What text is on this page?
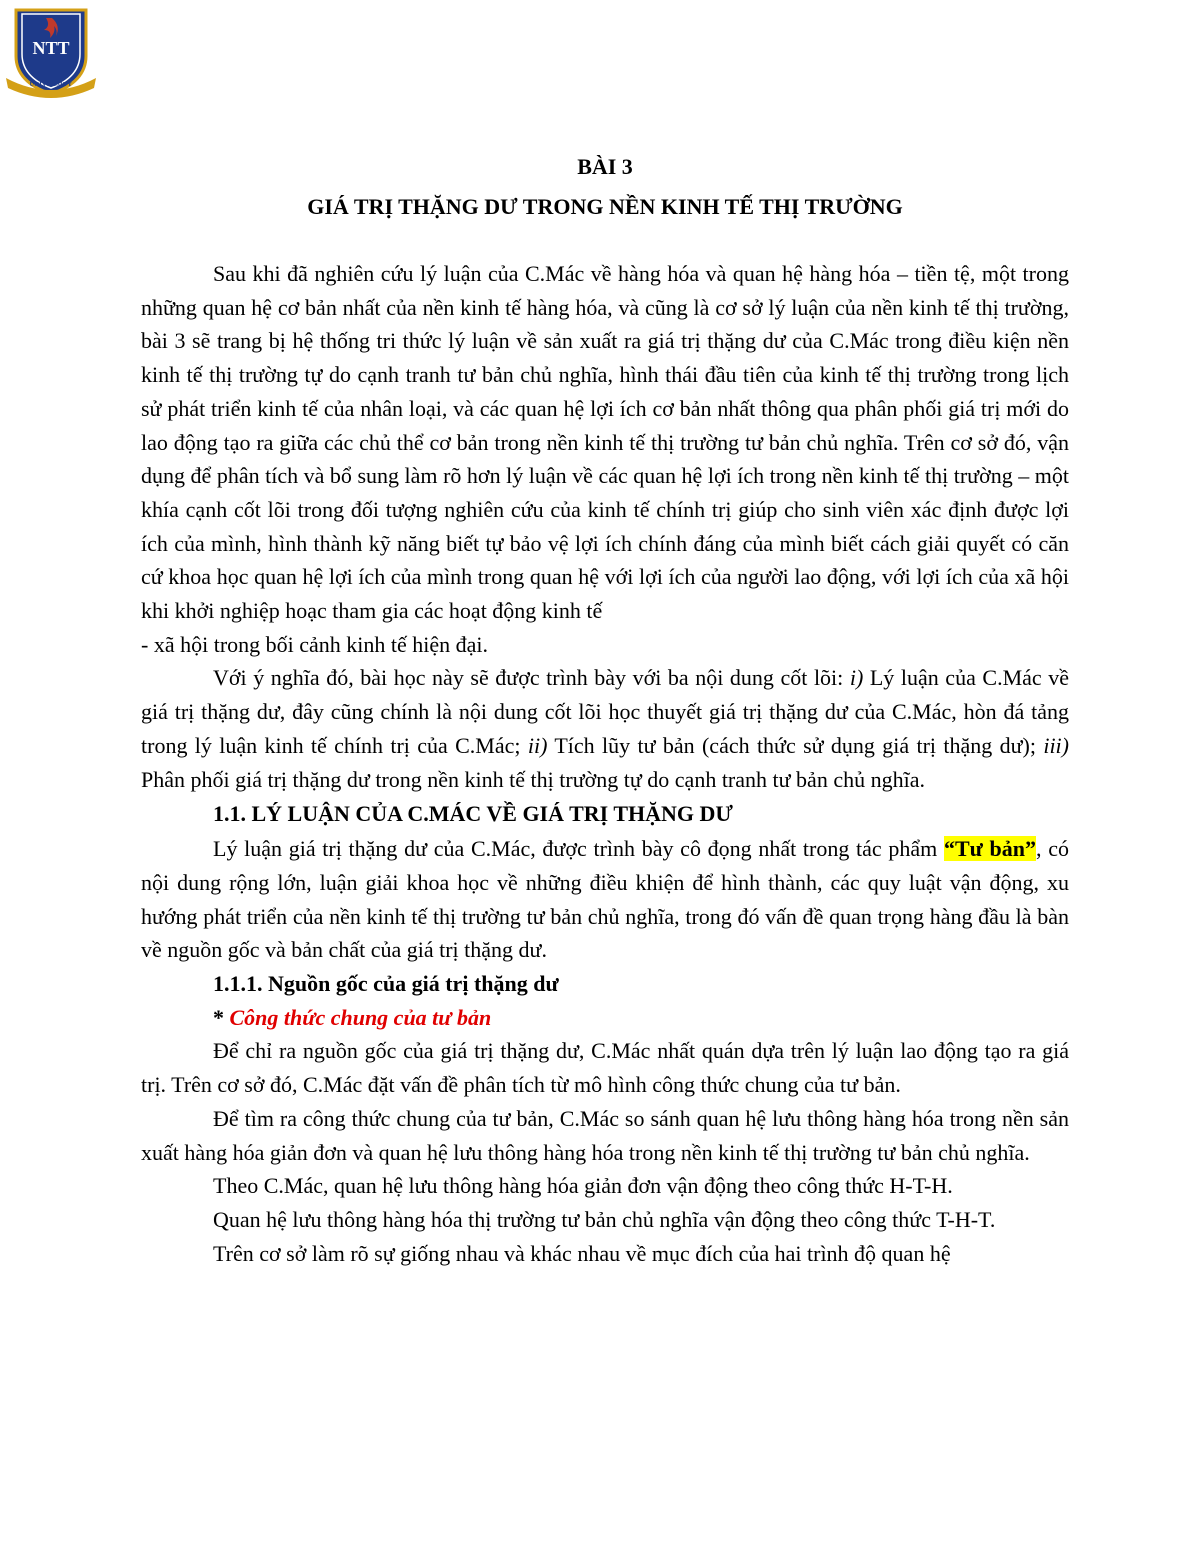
NTT
UNIVERSITY
BÀI 3
GIÁ TRỊ THẶNG DƯ TRONG NỀN KINH TẾ THỊ TRƯỜNG

Sau khi đã nghiên cứu lý luận của C.Mác về hàng hóa và quan hệ hàng hóa – tiền tệ, một trong những quan hệ cơ bản nhất của nền kinh tế hàng hóa, và cũng là cơ sở lý luận của nền kinh tế thị trường, bài 3 sẽ trang bị hệ thống tri thức lý luận về sản xuất ra giá trị thặng dư của C.Mác trong điều kiện nền kinh tế thị trường tự do cạnh tranh tư bản chủ nghĩa, hình thái đầu tiên của kinh tế thị trường trong lịch sử phát triển kinh tế của nhân loại, và các quan hệ lợi ích cơ bản nhất thông qua phân phối giá trị mới do lao động tạo ra giữa các chủ thể cơ bản trong nền kinh tế thị trường tư bản chủ nghĩa. Trên cơ sở đó, vận dụng để phân tích và bổ sung làm rõ hơn lý luận về các quan hệ lợi ích trong nền kinh tế thị trường – một khía cạnh cốt lõi trong đối tượng nghiên cứu của kinh tế chính trị giúp cho sinh viên xác định được lợi ích của mình, hình thành kỹ năng biết tự bảo vệ lợi ích chính đáng của mình biết cách giải quyết có căn cứ khoa học quan hệ lợi ích của mình trong quan hệ với lợi ích của người lao động, với lợi ích của xã hội khi khởi nghiệp hoạc tham gia các hoạt động kinh tế

- xã hội trong bối cảnh kinh tế hiện đại.

Với ý nghĩa đó, bài học này sẽ được trình bày với ba nội dung cốt lõi: i) Lý luận của C.Mác về giá trị thặng dư, đây cũng chính là nội dung cốt lõi học thuyết giá trị thặng dư của C.Mác, hòn đá tảng trong lý luận kinh tế chính trị của C.Mác; ii) Tích lũy tư bản (cách thức sử dụng giá trị thặng dư); iii) Phân phối giá trị thặng dư trong nền kinh tế thị trường tự do cạnh tranh tư bản chủ nghĩa.

1.1. LÝ LUẬN CỦA C.MÁC VỀ GIÁ TRỊ THẶNG DƯ

Lý luận giá trị thặng dư của C.Mác, được trình bày cô đọng nhất trong tác phẩm “Tư bản”, có nội dung rộng lớn, luận giải khoa học về những điều khiện để hình thành, các quy luật vận động, xu hướng phát triển của nền kinh tế thị trường tư bản chủ nghĩa, trong đó vấn đề quan trọng hàng đầu là bàn về nguồn gốc và bản chất của giá trị thặng dư.

1.1.1. Nguồn gốc của giá trị thặng dư
* Công thức chung của tư bản

Để chỉ ra nguồn gốc của giá trị thặng dư, C.Mác nhất quán dựa trên lý luận lao động tạo ra giá trị. Trên cơ sở đó, C.Mác đặt vấn đề phân tích từ mô hình công thức chung của tư bản.

Để tìm ra công thức chung của tư bản, C.Mác so sánh quan hệ lưu thông hàng hóa trong nền sản xuất hàng hóa giản đơn và quan hệ lưu thông hàng hóa trong nền kinh tế thị trường tư bản chủ nghĩa.

Theo C.Mác, quan hệ lưu thông hàng hóa giản đơn vận động theo công thức H-T-H.

Quan hệ lưu thông hàng hóa thị trường tư bản chủ nghĩa vận động theo công thức T-H-T.

Trên cơ sở làm rõ sự giống nhau và khác nhau về mục đích của hai trình độ quan hệ
